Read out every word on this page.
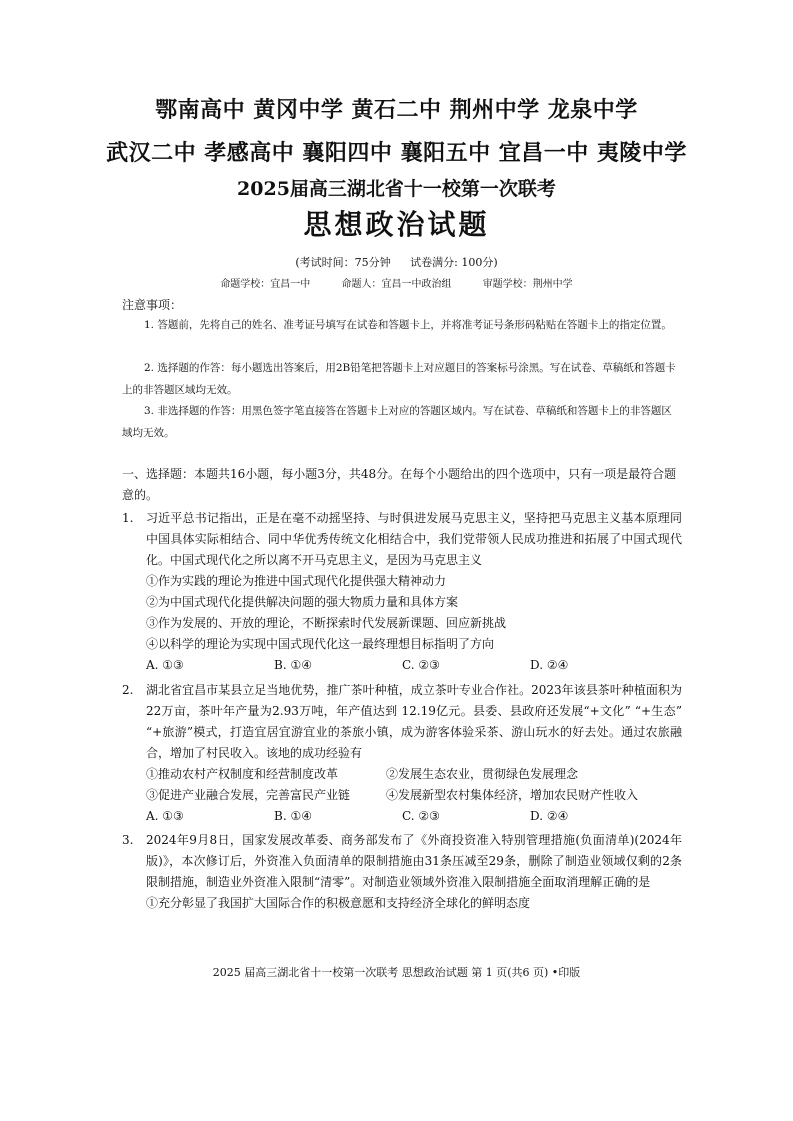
鄂南高中 黄冈中学 黄石二中 荆州中学 龙泉中学
武汉二中 孝感高中 襄阳四中 襄阳五中 宜昌一中 夷陵中学
2025届高三湖北省十一校第一次联考
思想政治试题
(考试时间：75分钟 试卷满分: 100分)
命题学校：宜昌一中	命题人：宜昌一中政治组	审题学校：荆州中学
注意事项：
1. 答题前，先将自己的姓名、准考证号填写在试卷和答题卡上，并将准考证号条形码粘贴在答题卡上的指定位置。
2. 选择题的作答：每小题选出答案后，用2B铅笔把答题卡上对应题目的答案标号涂黑。写在试卷、草稿纸和答题卡上的非答题区域均无效。
3. 非选择题的作答：用黑色签字笔直接答在答题卡上对应的答题区域内。写在试卷、草稿纸和答题卡上的非答题区域均无效。
一、选择题：本题共16小题，每小题3分，共48分。在每个小题给出的四个选项中，只有一项是最符合题意的。
1. 习近平总书记指出，正是在毫不动摇坚持、与时俱进发展马克思主义，坚持把马克思主义基本原理同中国具体实际相结合、同中华优秀传统文化相结合中，我们党带领人民成功推进和拓展了中国式现代化。中国式现代化之所以离不开马克思主义，是因为马克思主义
①作为实践的理论为推进中国式现代化提供强大精神动力
②为中国式现代化提供解决问题的强大物质力量和具体方案
③作为发展的、开放的理论，不断探索时代发展新课题、回应新挑战
④以科学的理论为实现中国式现代化这一最终理想目标指明了方向
A. ①③	B. ①④	C. ②③	D. ②④
2. 湖北省宜昌市某县立足当地优势，推广茶叶种植，成立茶叶专业合作社。2023年该县茶叶种植面积为22万亩，茶叶年产量为2.93万吨，年产值达到 12.19亿元。县委、县政府还发展“+文化” “+生态” “+旅游”模式，打造宜居宜游宜业的茶旅小镇，成为游客体验采茶、游山玩水的好去处。通过农旅融合，增加了村民收入。该地的成功经验有
①推动农村产权制度和经营制度改革	②发展生态农业，贯彻绿色发展理念
③促进产业融合发展，完善富民产业链	④发展新型农村集体经济，增加农民财产性收入
A. ①③	B. ①④	C. ②③	D. ②④
3. 2024年9月8日，国家发展改革委、商务部发布了《外商投资准入特别管理措施(负面清单)(2024年版)》，本次修订后，外资准入负面清单的限制措施由31条压减至29条，删除了制造业领域仅剩的2条限制措施，制造业外资准入限制“清零”。对制造业领域外资准入限制措施全面取消理解正确的是
①充分彰显了我国扩大国际合作的积极意愿和支持经济全球化的鲜明态度
2025 届高三湖北省十一校第一次联考 思想政治试题 第 1 页(共6 页) •印版
